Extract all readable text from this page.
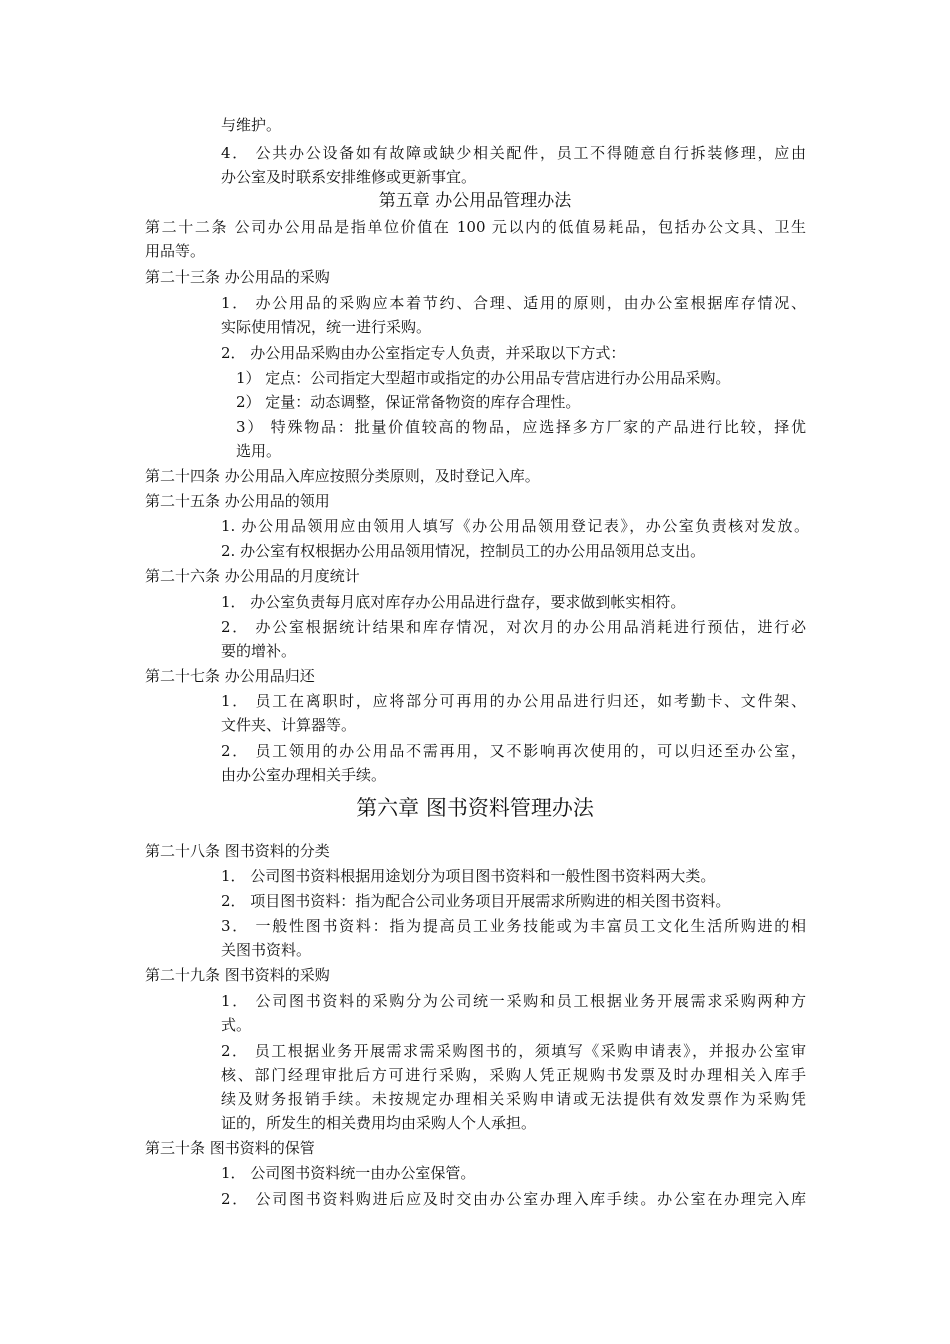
与维护。
4． 公共办公设备如有故障或缺少相关配件，员工不得随意自行拆装修理，应由
办公室及时联系安排维修或更新事宜。
第五章 办公用品管理办法
第二十二条 公司办公用品是指单位价值在 100 元以内的低值易耗品，包括办公文具、卫生
用品等。
第二十三条 办公用品的采购
1． 办公用品的采购应本着节约、合理、适用的原则，由办公室根据库存情况、
实际使用情况，统一进行采购。
2． 办公用品采购由办公室指定专人负责，并采取以下方式：
1） 定点：公司指定大型超市或指定的办公用品专营店进行办公用品采购。
2） 定量：动态调整，保证常备物资的库存合理性。
3） 特殊物品：批量价值较高的物品，应选择多方厂家的产品进行比较，择优
选用。
第二十四条 办公用品入库应按照分类原则，及时登记入库。
第二十五条 办公用品的领用
1. 办公用品领用应由领用人填写《办公用品领用登记表》，办公室负责核对发放。
2. 办公室有权根据办公用品领用情况，控制员工的办公用品领用总支出。
第二十六条 办公用品的月度统计
1． 办公室负责每月底对库存办公用品进行盘存，要求做到帐实相符。
2． 办公室根据统计结果和库存情况，对次月的办公用品消耗进行预估，进行必
要的增补。
第二十七条 办公用品归还
1． 员工在离职时，应将部分可再用的办公用品进行归还，如考勤卡、文件架、
文件夹、计算器等。
2． 员工领用的办公用品不需再用，又不影响再次使用的，可以归还至办公室，
由办公室办理相关手续。
第六章 图书资料管理办法
第二十八条 图书资料的分类
1． 公司图书资料根据用途划分为项目图书资料和一般性图书资料两大类。
2． 项目图书资料：指为配合公司业务项目开展需求所购进的相关图书资料。
3． 一般性图书资料：指为提高员工业务技能或为丰富员工文化生活所购进的相
关图书资料。
第二十九条 图书资料的采购
1． 公司图书资料的采购分为公司统一采购和员工根据业务开展需求采购两种方
式。
2． 员工根据业务开展需求需采购图书的，须填写《采购申请表》，并报办公室审
核、部门经理审批后方可进行采购，采购人凭正规购书发票及时办理相关入库手
续及财务报销手续。未按规定办理相关采购申请或无法提供有效发票作为采购凭
证的，所发生的相关费用均由采购人个人承担。
第三十条 图书资料的保管
1． 公司图书资料统一由办公室保管。
2． 公司图书资料购进后应及时交由办公室办理入库手续。办公室在办理完入库
